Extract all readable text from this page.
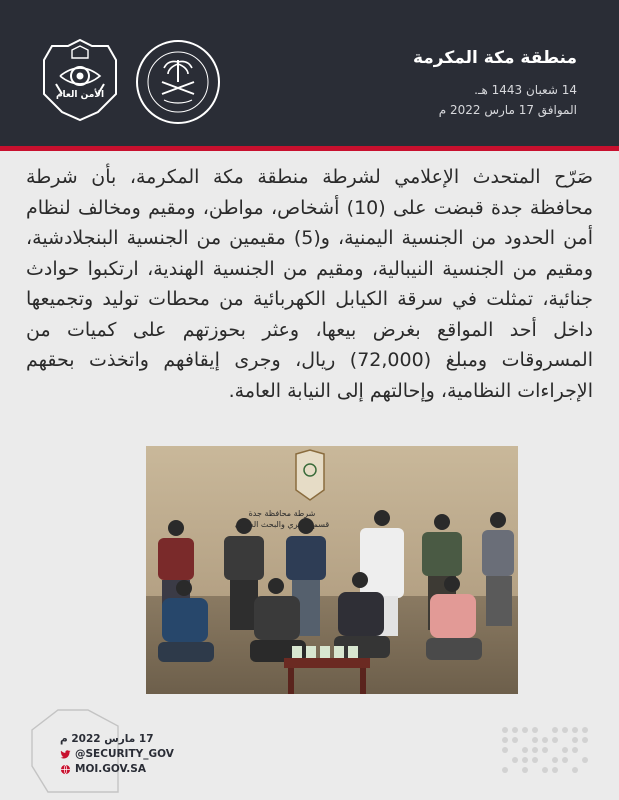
منطقة مكة المكرمة
14 شعبان 1443 هـ.
الموافق 17 مارس 2022 م
الأمن العام
صَرّح المتحدث الإعلامي لشرطة منطقة مكة المكرمة، بأن شرطة محافظة جدة قبضت على (10) أشخاص، مواطن، ومقيم ومخالف لنظام أمن الحدود من الجنسية اليمنية، و(5) مقيمين من الجنسية البنجلادشية، ومقيم من الجنسية النيبالية، ومقيم من الجنسية الهندية، ارتكبوا حوادث جنائية، تمثلت في سرقة الكيابل الكهربائية من محطات توليد وتجميعها داخل أحد المواقع بغرض بيعها، وعثر بحوزتهم على كميات من المسروقات ومبلغ (72,000) ريال، وجرى إيقافهم واتخذت بحقهم الإجراءات النظامية، وإحالتهم إلى النيابة العامة.
شرطة محافظة جدة
قسم التحري والبحث الجنائي
17 مارس 2022 م
@SECURITY_GOV
MOI.GOV.SA
